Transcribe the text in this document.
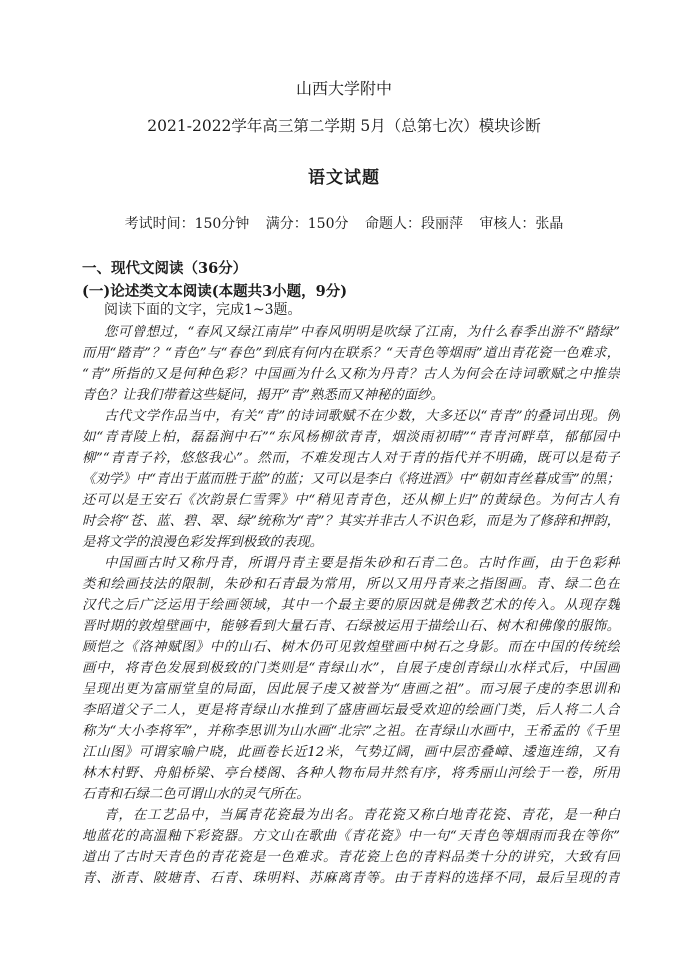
山西大学附中
2021-2022学年高三第二学期 5月（总第七次）模块诊断
语文试题
考试时间：150分钟 满分：150分 命题人：段丽萍 审核人：张晶
一、现代文阅读（36分）
(一)论述类文本阅读(本题共3小题，9分)
阅读下面的文字，完成1~3题。
您可曾想过，“春风又绿江南岸”中春风明明是吹绿了江南，为什么春季出游不“踏绿”
而用“踏青”？“青色”与“春色”到底有何内在联系？“天青色等烟雨”道出青花瓷一色难求，
“青”所指的又是何种色彩？中国画为什么又称为丹青？古人为何会在诗词歌赋之中推崇
青色？让我们带着这些疑问，揭开“青”熟悉而又神秘的面纱。
古代文学作品当中，有关“青”的诗词歌赋不在少数，大多还以“青青”的叠词出现。例
如“青青陵上柏，磊磊涧中石”“东风杨柳欲青青，烟淡雨初晴”“青青河畔草，郁郁园中
柳”“青青子衿，悠悠我心”。然而，不难发现古人对于青的指代并不明确，既可以是荀子
《劝学》中“青出于蓝而胜于蓝”的蓝；又可以是李白《将进酒》中“朝如青丝暮成雪”的黑；
还可以是王安石《次韵景仁雪霁》中“稍见青青色，还从柳上归”的黄绿色。为何古人有
时会将“苍、蓝、碧、翠、绿”统称为“青”？其实并非古人不识色彩，而是为了修辞和押韵，
是将文学的浪漫色彩发挥到极致的表现。
中国画古时又称丹青，所谓丹青主要是指朱砂和石青二色。古时作画，由于色彩种
类和绘画技法的限制，朱砂和石青最为常用，所以又用丹青来之指图画。青、绿二色在
汉代之后广泛运用于绘画领域，其中一个最主要的原因就是佛教艺术的传入。从现存魏
晋时期的敦煌壁画中，能够看到大量石青、石绿被运用于描绘山石、树木和佛像的服饰。
顾恺之《洛神赋图》中的山石、树木仍可见敦煌壁画中树石之身影。而在中国的传统绘
画中，将青色发展到极致的门类则是“青绿山水”，自展子虔创青绿山水样式后，中国画
呈现出更为富丽堂皇的局面，因此展子虔又被誉为“唐画之祖”。而习展子虔的李思训和
李昭道父子二人，更是将青绿山水推到了盛唐画坛最受欢迎的绘画门类，后人将二人合
称为“大小李将军”，并称李思训为山水画“北宗”之祖。在青绿山水画中，王希孟的《千里
江山图》可谓家喻户晓，此画卷长近12米，气势辽阔，画中层峦叠嶂、逶迤连绵，又有
林木村野、舟船桥梁、亭台楼阁、各种人物布局井然有序，将秀丽山河绘于一卷，所用
石青和石绿二色可谓山水的灵气所在。
青，在工艺品中，当属青花瓷最为出名。青花瓷又称白地青花瓷、青花，是一种白
地蓝花的高温釉下彩瓷器。方文山在歌曲《青花瓷》中一句“天青色等烟雨而我在等你”
道出了古时天青色的青花瓷是一色难求。青花瓷上色的青料品类十分的讲究，大致有回
青、浙青、陂塘青、石青、珠明料、苏麻离青等。由于青料的选择不同，最后呈现的青
